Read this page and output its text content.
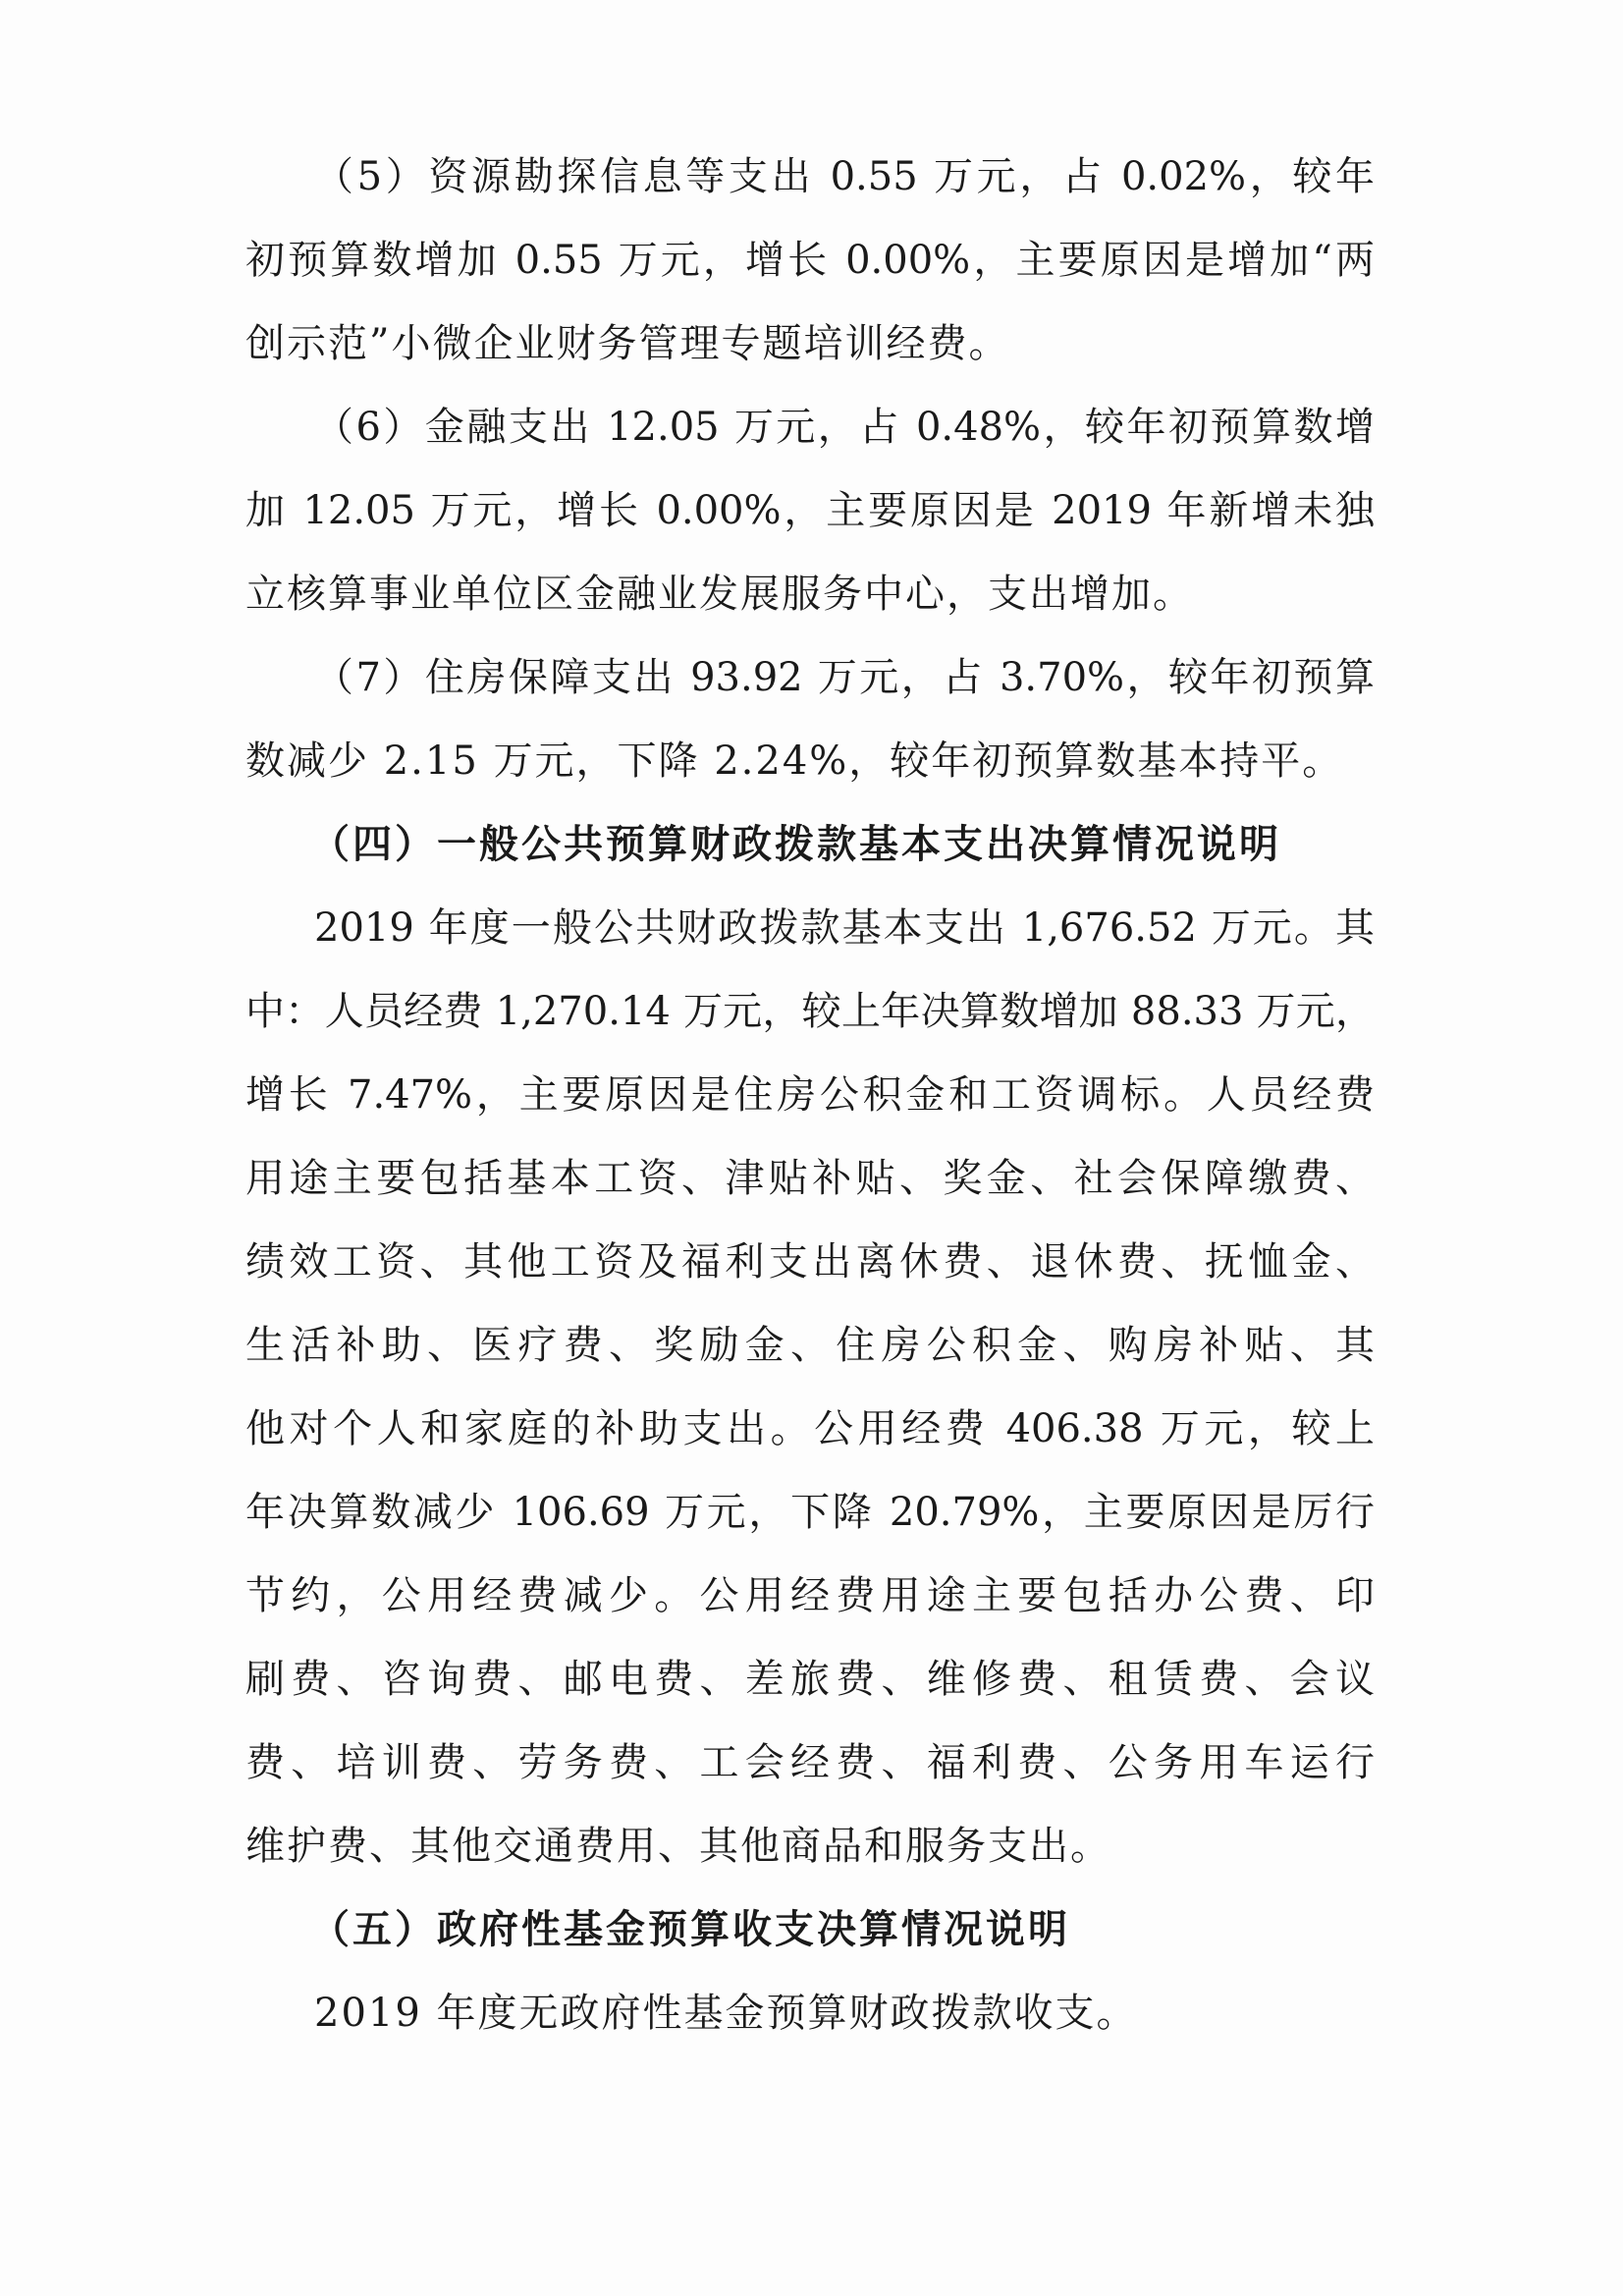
（5）资源勘探信息等支出 0.55 万元，占 0.02%，较年
初预算数增加 0.55 万元，增长 0.00%，主要原因是增加“两
创示范”小微企业财务管理专题培训经费。
（6）金融支出 12.05 万元，占 0.48%，较年初预算数增
加 12.05 万元，增长 0.00%，主要原因是 2019 年新增未独
立核算事业单位区金融业发展服务中心，支出增加。
（7）住房保障支出 93.92 万元，占 3.70%，较年初预算
数减少 2.15 万元，下降 2.24%，较年初预算数基本持平。
（四）一般公共预算财政拨款基本支出决算情况说明
2019 年度一般公共财政拨款基本支出 1,676.52 万元。其
中：人员经费 1,270.14 万元，较上年决算数增加 88.33 万元，
增长 7.47%，主要原因是住房公积金和工资调标。人员经费
用途主要包括基本工资、津贴补贴、奖金、社会保障缴费、
绩效工资、其他工资及福利支出离休费、退休费、抚恤金、
生活补助、医疗费、奖励金、住房公积金、购房补贴、其
他对个人和家庭的补助支出。公用经费 406.38 万元，较上
年决算数减少 106.69 万元，下降 20.79%，主要原因是厉行
节约，公用经费减少。公用经费用途主要包括办公费、印
刷费、咨询费、邮电费、差旅费、维修费、租赁费、会议
费、培训费、劳务费、工会经费、福利费、公务用车运行
维护费、其他交通费用、其他商品和服务支出。
（五）政府性基金预算收支决算情况说明
2019 年度无政府性基金预算财政拨款收支。
